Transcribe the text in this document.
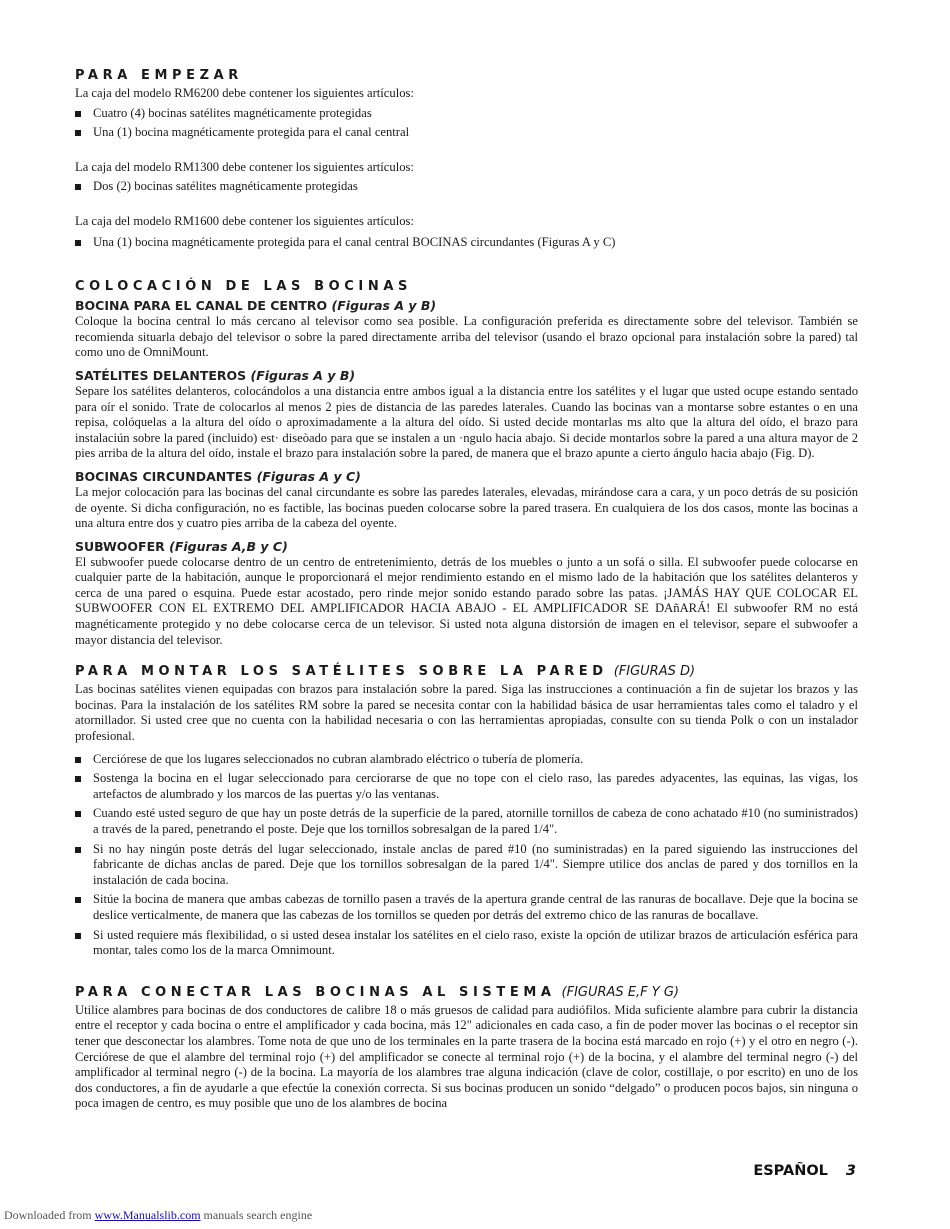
PARA EMPEZAR

La caja del modelo RM6200 debe contener los siguientes artículos:

Cuatro (4) bocinas satélites magnéticamente protegidas
Una (1) bocina magnéticamente protegida para el canal central

La caja del modelo RM1300 debe contener los siguientes artículos:

Dos (2) bocinas satélites magnéticamente protegidas

La caja del modelo RM1600 debe contener los siguientes artículos:

Una (1) bocina magnéticamente protegida para el canal central BOCINAS circundantes (Figuras A y C)
COLOCACIÓN DE LAS BOCINAS
BOCINA PARA EL CANAL DE CENTRO (Figuras A y B)

Coloque la bocina central lo más cercano al televisor como sea posible. La configuración preferida es directamente sobre del televisor. También se recomienda situarla debajo del televisor o sobre la pared directamente arriba del televisor (usando el brazo opcional para instalación sobre la pared) tal como uno de OmniMount.

SATÉLITES DELANTEROS (Figuras A y B)

Separe los satélites delanteros, colocándolos a una distancia entre ambos igual a la distancia entre los satélites y el lugar que usted ocupe estando sentado para oír el sonido. Trate de colocarlos al menos 2 pies de distancia de las paredes laterales. Cuando las bocinas van a montarse sobre estantes o en una repisa, colóquelas a la altura del oído o aproximadamente a la altura del oído. Si usted decide montarlas ms alto que la altura del oído, el brazo para instalaciún sobre la pared (incluido) est· diseòado para que se instalen a un ·ngulo hacia abajo. Si decide montarlos sobre la pared a una altura mayor de 2 pies arriba de la altura del oído, instale el brazo para instalación sobre la pared, de manera que el brazo apunte a cierto ángulo hacia abajo (Fig. D).

BOCINAS CIRCUNDANTES (Figuras A y C)

La mejor colocación para las bocinas del canal circundante es sobre las paredes laterales, elevadas, mirándose cara a cara, y un poco detrás de su posición de oyente. Si dicha configuración, no es factible, las bocinas pueden colocarse sobre la pared trasera. En cualquiera de los dos casos, monte las bocinas a una altura entre dos y cuatro pies arriba de la cabeza del oyente.

SUBWOOFER (Figuras A,B y C)

El subwoofer puede colocarse dentro de un centro de entretenimiento, detrás de los muebles o junto a un sofá o silla. El subwoofer puede colocarse en cualquier parte de la habitación, aunque le proporcionará el mejor rendimiento estando en el mismo lado de la habitación que los satélites delanteros y cerca de una pared o esquina. Puede estar acostado, pero rinde mejor sonido estando parado sobre las patas. ¡JAMÁS HAY QUE COLOCAR EL SUBWOOFER CON EL EXTREMO DEL AMPLIFICADOR HACIA ABAJO - EL AMPLIFICADOR SE DAñARÁ! El subwoofer RM no está magnéticamente protegido y no debe colocarse cerca de un televisor. Si usted nota alguna distorsión de imagen en el televisor, separe el subwoofer a mayor distancia del televisor.

PARA MONTAR LOS SATÉLITES SOBRE LA PARED (FIGURAS D)

Las bocinas satélites vienen equipadas con brazos para instalación sobre la pared. Siga las instrucciones a continuación a fin de sujetar los brazos y las bocinas. Para la instalación de los satélites RM sobre la pared se necesita contar con la habilidad básica de usar herramientas tales como el taladro y el atornillador. Si usted cree que no cuenta con la habilidad necesaria o con las herramientas apropiadas, consulte con su tienda Polk o con un instalador profesional.

Cerciórese de que los lugares seleccionados no cubran alambrado eléctrico o tubería de plomería.
Sostenga la bocina en el lugar seleccionado para cerciorarse de que no tope con el cielo raso, las paredes adyacentes, las equinas, las vigas, los artefactos de alumbrado y los marcos de las puertas y/o las ventanas.
Cuando esté usted seguro de que hay un poste detrás de la superficie de la pared, atornille tornillos de cabeza de cono achatado #10 (no suministrados) a través de la pared, penetrando el poste. Deje que los tornillos sobresalgan de la pared 1/4".
Si no hay ningún poste detrás del lugar seleccionado, instale anclas de pared #10 (no suministradas) en la pared siguiendo las instrucciones del fabricante de dichas anclas de pared. Deje que los tornillos sobresalgan de la pared 1/4". Siempre utilice dos anclas de pared y dos tornillos en la instalación de cada bocina.
Sitúe la bocina de manera que ambas cabezas de tornillo pasen a través de la apertura grande central de las ranuras de bocallave. Deje que la bocina se deslice verticalmente, de manera que las cabezas de los tornillos se queden por detrás del extremo chico de las ranuras de bocallave.
Si usted requiere más flexibilidad, o si usted desea instalar los satélites en el cielo raso, existe la opción de utilizar brazos de articulación esférica para montar, tales como los de la marca Omnimount.
PARA CONECTAR LAS BOCINAS AL SISTEMA (FIGURAS E,F Y G)

Utilice alambres para bocinas de dos conductores de calibre 18 o más gruesos de calidad para audiófilos. Mida suficiente alambre para cubrir la distancia entre el receptor y cada bocina o entre el amplificador y cada bocina, más 12" adicionales en cada caso, a fin de poder mover las bocinas o el receptor sin tener que desconectar los alambres. Tome nota de que uno de los terminales en la parte trasera de la bocina está marcado en rojo (+) y el otro en negro (-). Cerciórese de que el alambre del terminal rojo (+) del amplificador se conecte al terminal rojo (+) de la bocina, y el alambre del terminal negro (-) del amplificador al terminal negro (-) de la bocina. La mayoría de los alambres trae alguna indicación (clave de color, costillaje, o por escrito) en uno de los dos conductores, a fin de ayudarle a que efectúe la conexión correcta. Si sus bocinas producen un sonido “delgado” o producen pocos bajos, sin ninguna o poca imagen de centro, es muy posible que uno de los alambres de bocina

ESPAÑOL 3
Downloaded from www.Manualslib.com manuals search engine
